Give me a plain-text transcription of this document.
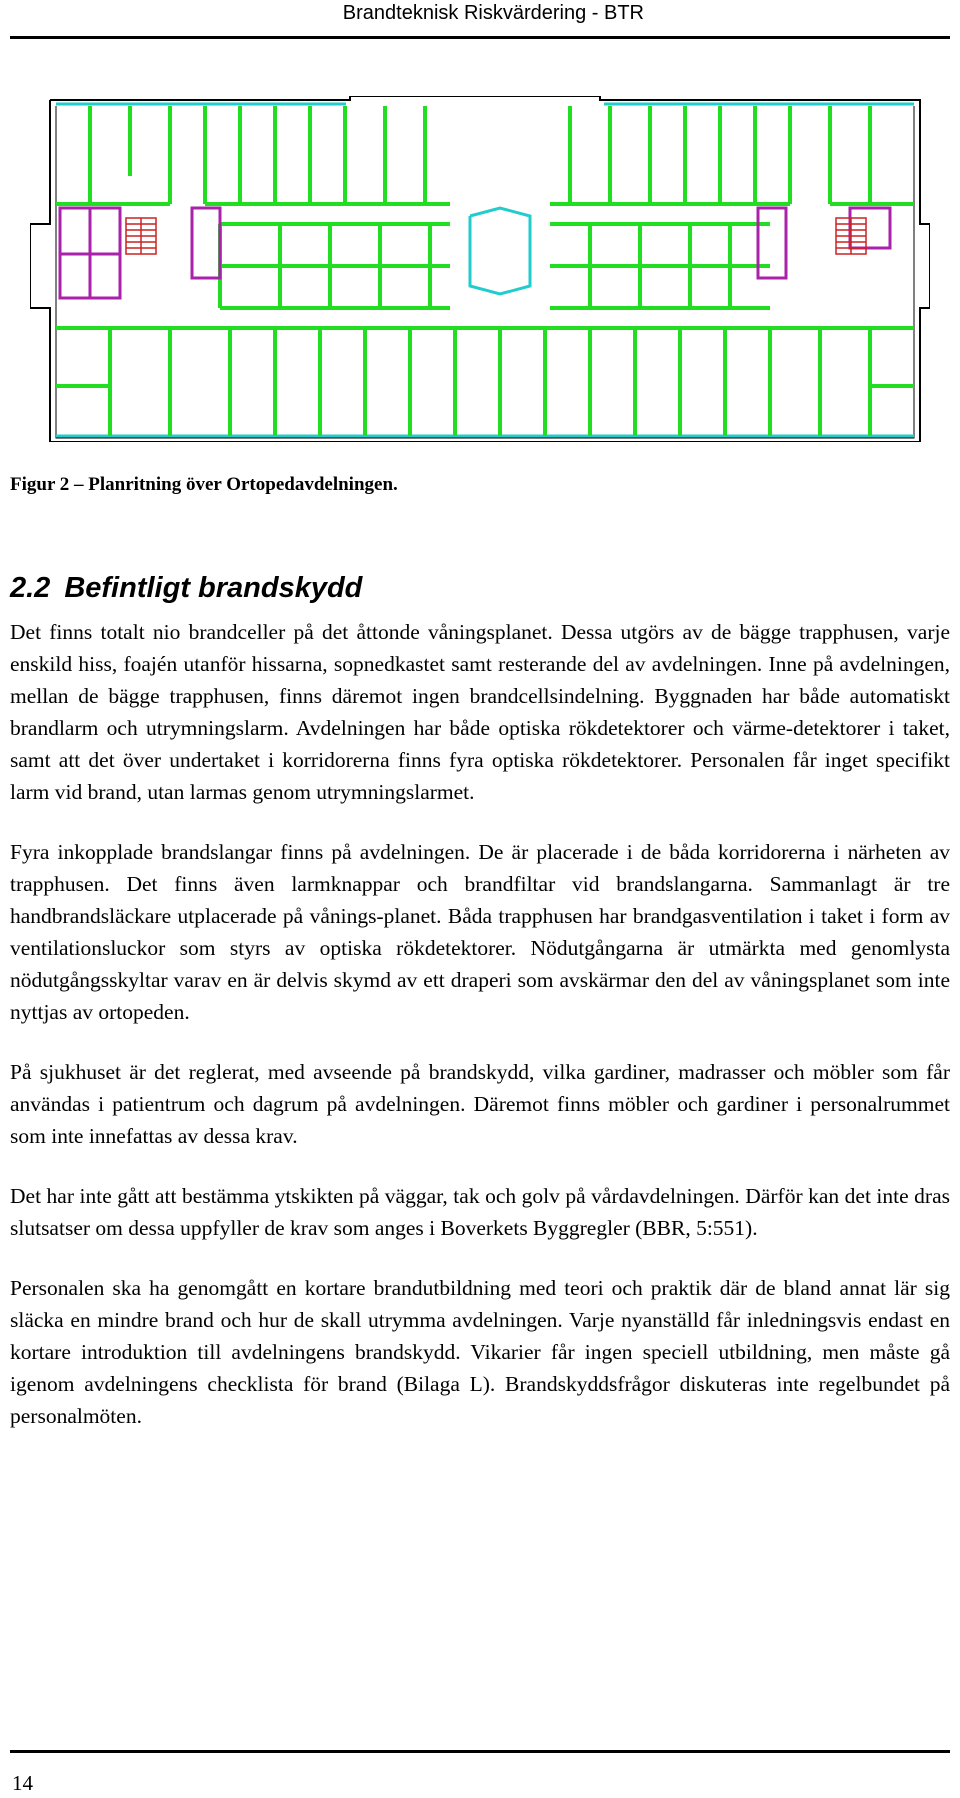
Brandteknisk Riskvärdering - BTR
Figur 2 – Planritning över Ortopedavdelningen.
2.2 Befintligt brandskydd

Det finns totalt nio brandceller på det åttonde våningsplanet. Dessa utgörs av de bägge trapphusen, varje enskild hiss, foajén utanför hissarna, sopnedkastet samt resterande del av avdelningen. Inne på avdelningen, mellan de bägge trapphusen, finns däremot ingen brandcellsindelning. Byggnaden har både automatiskt brandlarm och utrymningslarm. Avdelningen har både optiska rökdetektorer och värme-detektorer i taket, samt att det över undertaket i korridorerna finns fyra optiska rökdetektorer. Personalen får inget specifikt larm vid brand, utan larmas genom utrymningslarmet.

Fyra inkopplade brandslangar finns på avdelningen. De är placerade i de båda korridorerna i närheten av trapphusen. Det finns även larmknappar och brandfiltar vid brandslangarna. Sammanlagt är tre handbrandsläckare utplacerade på vånings-planet. Båda trapphusen har brandgasventilation i taket i form av ventilationsluckor som styrs av optiska rökdetektorer. Nödutgångarna är utmärkta med genomlysta nödutgångsskyltar varav en är delvis skymd av ett draperi som avskärmar den del av våningsplanet som inte nyttjas av ortopeden.

På sjukhuset är det reglerat, med avseende på brandskydd, vilka gardiner, madrasser och möbler som får användas i patientrum och dagrum på avdelningen. Däremot finns möbler och gardiner i personalrummet som inte innefattas av dessa krav.

Det har inte gått att bestämma ytskikten på väggar, tak och golv på vårdavdelningen. Därför kan det inte dras slutsatser om dessa uppfyller de krav som anges i Boverkets Byggregler (BBR, 5:551).

Personalen ska ha genomgått en kortare brandutbildning med teori och praktik där de bland annat lär sig släcka en mindre brand och hur de skall utrymma avdelningen. Varje nyanställd får inledningsvis endast en kortare introduktion till avdelningens brandskydd. Vikarier får ingen speciell utbildning, men måste gå igenom avdelningens checklista för brand (Bilaga L). Brandskyddsfrågor diskuteras inte regelbundet på personalmöten.

14
